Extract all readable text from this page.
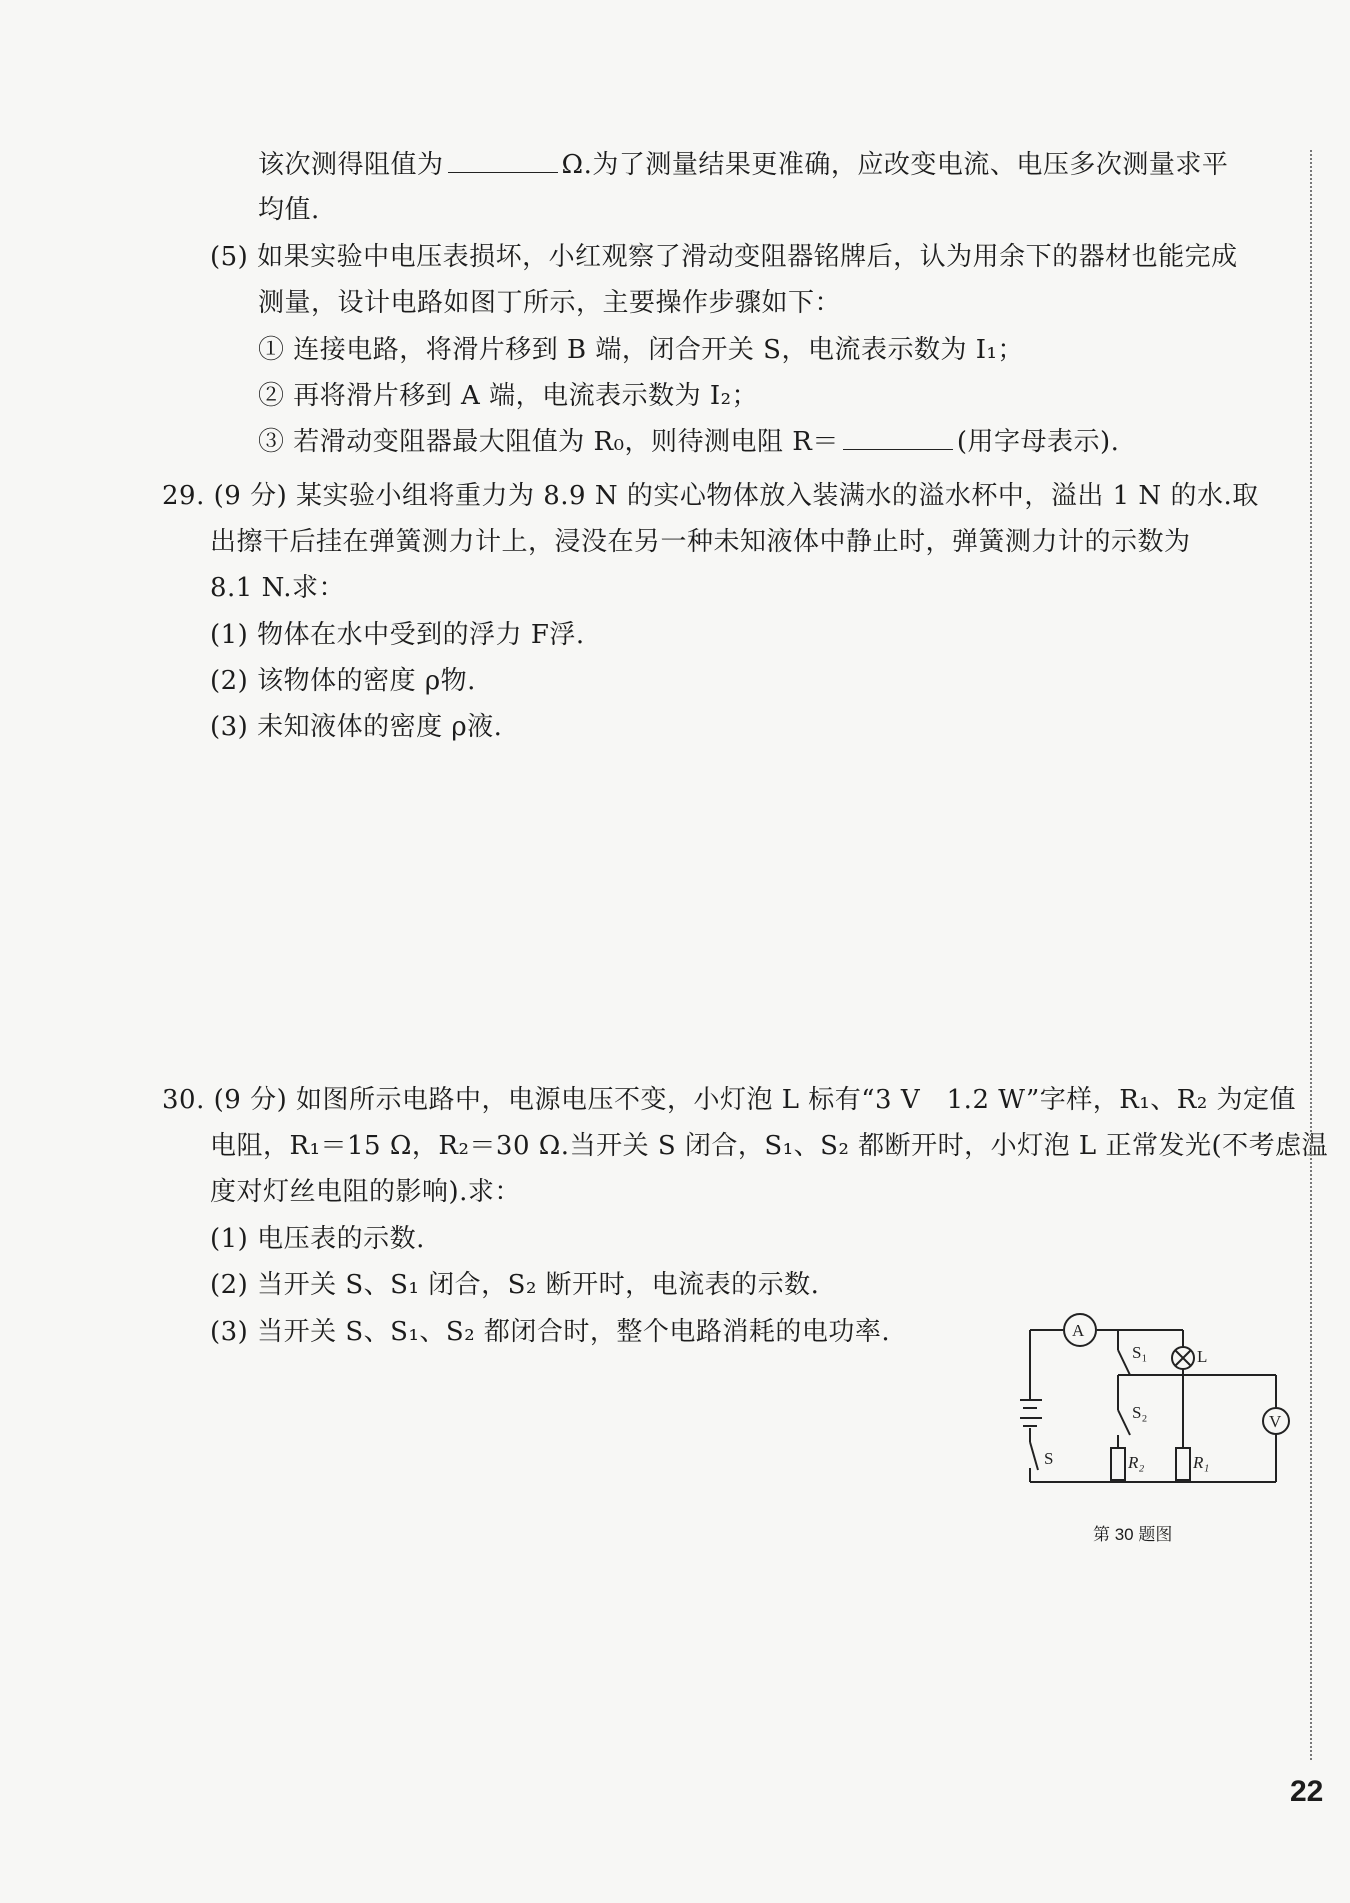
该次测得阻值为	Ω.为了测量结果更准确，应改变电流、电压多次测量求平
均值.
(5) 如果实验中电压表损坏，小红观察了滑动变阻器铭牌后，认为用余下的器材也能完成
测量，设计电路如图丁所示，主要操作步骤如下：
① 连接电路，将滑片移到 B 端，闭合开关 S，电流表示数为 I₁；
② 再将滑片移到 A 端，电流表示数为 I₂；
③ 若滑动变阻器最大阻值为 R₀，则待测电阻 R＝	(用字母表示).
29. (9 分) 某实验小组将重力为 8.9 N 的实心物体放入装满水的溢水杯中，溢出 1 N 的水.取
出擦干后挂在弹簧测力计上，浸没在另一种未知液体中静止时，弹簧测力计的示数为
8.1 N.求：
(1) 物体在水中受到的浮力 F浮.
(2) 该物体的密度 ρ物.
(3) 未知液体的密度 ρ液.
30. (9 分) 如图所示电路中，电源电压不变，小灯泡 L 标有“3 V　1.2 W”字样，R₁、R₂ 为定值
电阻，R₁＝15 Ω，R₂＝30 Ω.当开关 S 闭合，S₁、S₂ 都断开时，小灯泡 L 正常发光(不考虑温
度对灯丝电阻的影响).求：
(1) 电压表的示数.
(2) 当开关 S、S₁ 闭合，S₂ 断开时，电流表的示数.
(3) 当开关 S、S₁、S₂ 都闭合时，整个电路消耗的电功率.	A
S₁	L
S₂
R₂	R₁
V
S
第 30 题图
22
